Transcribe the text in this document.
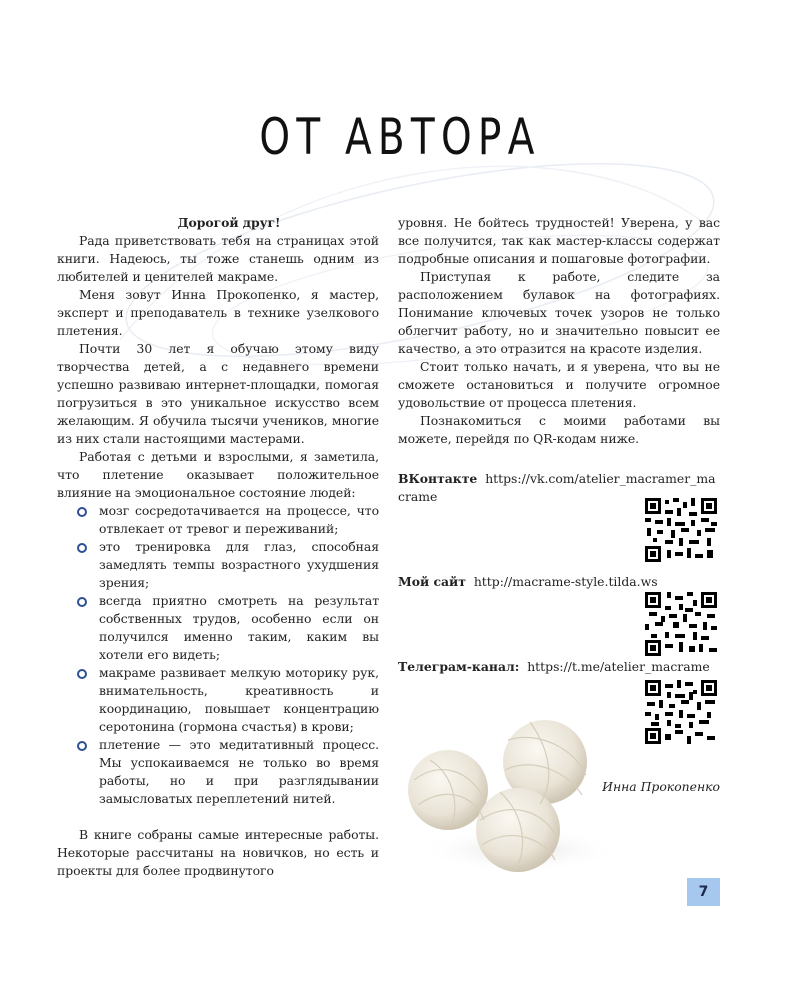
ОТ АВТОРА

Дорогой друг!

Рада приветствовать тебя на страницах этой книги. Надеюсь, ты тоже станешь одним из любителей и ценителей макраме.

Меня зовут Инна Прокопенко, я мастер, эксперт и преподаватель в технике узелкового плетения.

Почти 30 лет я обучаю этому виду творчества детей, а с недавнего времени успешно развиваю интернет-площадки, помогая погрузиться в это уникальное искусство всем желающим. Я обучила тысячи учеников, многие из них стали настоящими мастерами.

Работая с детьми и взрослыми, я заметила, что плетение оказывает положительное влияние на эмоциональное состояние людей:

мозг сосредотачивается на процессе, что отвлекает от тревог и переживаний;
это тренировка для глаз, способная замедлять темпы возрастного ухудшения зрения;
всегда приятно смотреть на результат собственных трудов, особенно если он получился именно таким, каким вы хотели его видеть;
макраме развивает мелкую моторику рук, внимательность, креативность и координацию, повышает концентрацию серотонина (гормона счастья) в крови;
плетение — это медитативный процесс. Мы успокаиваемся не только во время работы, но и при разглядывании замысловатых переплетений нитей.

В книге собраны самые интересные работы. Некоторые рассчитаны на новичков, но есть и проекты для более продвинутого

уровня. Не бойтесь трудностей! Уверена, у вас все получится, так как мастер-классы содержат подробные описания и пошаговые фотографии.

Приступая к работе, следите за расположением булавок на фотографиях. Понимание ключевых точек узоров не только облегчит работу, но и значительно повысит ее качество, а это отразится на красоте изделия.

Стоит только начать, и я уверена, что вы не сможете остановиться и получите огромное удовольствие от процесса плетения.

Познакомиться с моими работами вы можете, перейдя по QR-кодам ниже.

ВКонтакте https://vk.com/atelier_macramer_macrame
Мой сайт http://macrame-style.tilda.ws
Телеграм-канал: https://t.me/atelier_macrame
Инна Прокопенко
7
